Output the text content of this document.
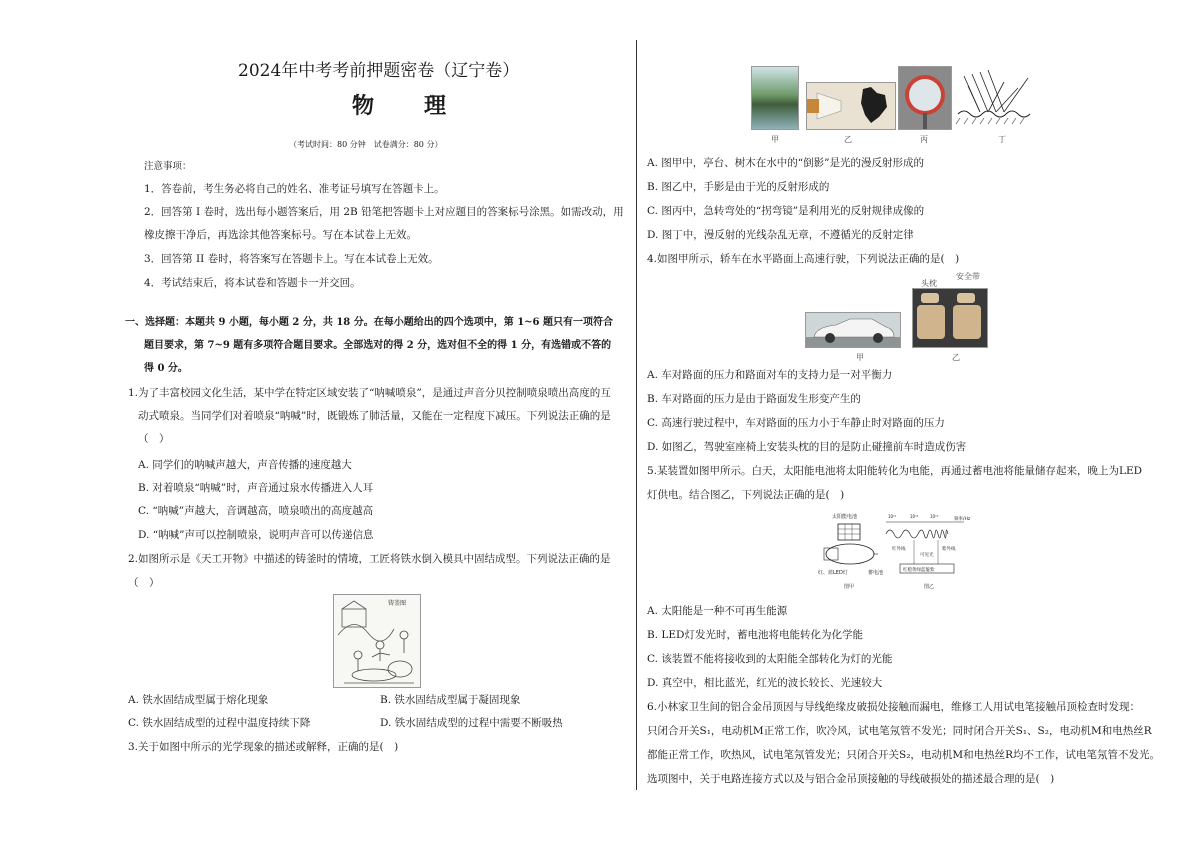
2024年中考考前押题密卷（辽宁卷）
物　理
（考试时间：80 分钟　试卷满分：80 分）
注意事项：
1．答卷前，考生务必将自己的姓名、准考证号填写在答题卡上。
2．回答第 I 卷时，选出每小题答案后，用 2B 铅笔把答题卡上对应题目的答案标号涂黑。如需改动，用
橡皮擦干净后，再选涂其他答案标号。写在本试卷上无效。
3．回答第 II 卷时，将答案写在答题卡上。写在本试卷上无效。
4．考试结束后，将本试卷和答题卡一并交回。
一、选择题：本题共 9 小题，每小题 2 分，共 18 分。在每小题给出的四个选项中，第 1~6 题只有一项符合
题目要求，第 7~9 题有多项符合题目要求。全部选对的得 2 分，选对但不全的得 1 分，有选错或不答的
得 0 分。
1.为了丰富校园文化生活，某中学在特定区域安装了“呐喊喷泉”，是通过声音分贝控制喷泉喷出高度的互
动式喷泉。当同学们对着喷泉“呐喊”时，既锻炼了肺活量，又能在一定程度下减压。下列说法正确的是
（　）
A. 同学们的呐喊声越大，声音传播的速度越大
B. 对着喷泉“呐喊”时，声音通过泉水传播进入人耳
C. “呐喊”声越大，音调越高，喷泉喷出的高度越高
D. “呐喊”声可以控制喷泉，说明声音可以传递信息
2.如图所示是《天工开物》中描述的铸釜时的情境，工匠将铁水倒入模具中固结成型。下列说法正确的是
（　）
铸釜图
A. 铁水固结成型属于熔化现象	B. 铁水固结成型属于凝固现象
C. 铁水固结成型的过程中温度持续下降	D. 铁水固结成型的过程中需要不断吸热
3.关于如图中所示的光学现象的描述或解释，正确的是(　)
甲	乙	丙	丁
A. 图甲中，亭台、树木在水中的“倒影”是光的漫反射形成的
B. 图乙中，手影是由于光的反射形成的
C. 图丙中，急转弯处的“拐弯镜”是利用光的反射规律成像的
D. 图丁中，漫反射的光线杂乱无章，不遵循光的反射定律
4.如图甲所示，轿车在水平路面上高速行驶，下列说法正确的是(　)
甲
头枕
安全带
乙
A. 车对路面的压力和路面对车的支持力是一对平衡力
B. 车对路面的压力是由于路面发生形变产生的
C. 高速行驶过程中，车对路面的压力小于车静止时对路面的压力
D. 如图乙，驾驶室座椅上安装头枕的目的是防止碰撞前车时造成伤害
5.某装置如图甲所示。白天，太阳能电池将太阳能转化为电能，再通过蓄电池将能量储存起来，晚上为LED
灯供电。结合图乙，下列说法正确的是(　)
太阳能电池
红、蓝LED灯	蓄电池
图甲
10¹²	10¹⁴	10¹⁶
频率/Hz
红外线
可见光
紫外线
红橙黄绿蓝靛紫
图乙
A. 太阳能是一种不可再生能源
B. LED灯发光时，蓄电池将电能转化为化学能
C. 该装置不能将接收到的太阳能全部转化为灯的光能
D. 真空中，相比蓝光，红光的波长较长、光速较大
6.小林家卫生间的铝合金吊顶因与导线绝缘皮破损处接触而漏电，维修工人用试电笔接触吊顶检查时发现：
只闭合开关S₁，电动机M正常工作，吹冷风，试电笔氖管不发光；同时闭合开关S₁、S₂，电动机M和电热丝R
都能正常工作，吹热风，试电笔氖管发光；只闭合开关S₂，电动机M和电热丝R均不工作，试电笔氖管不发光。
选项图中，关于电路连接方式以及与铝合金吊顶接触的导线破损处的描述最合理的是(　)
